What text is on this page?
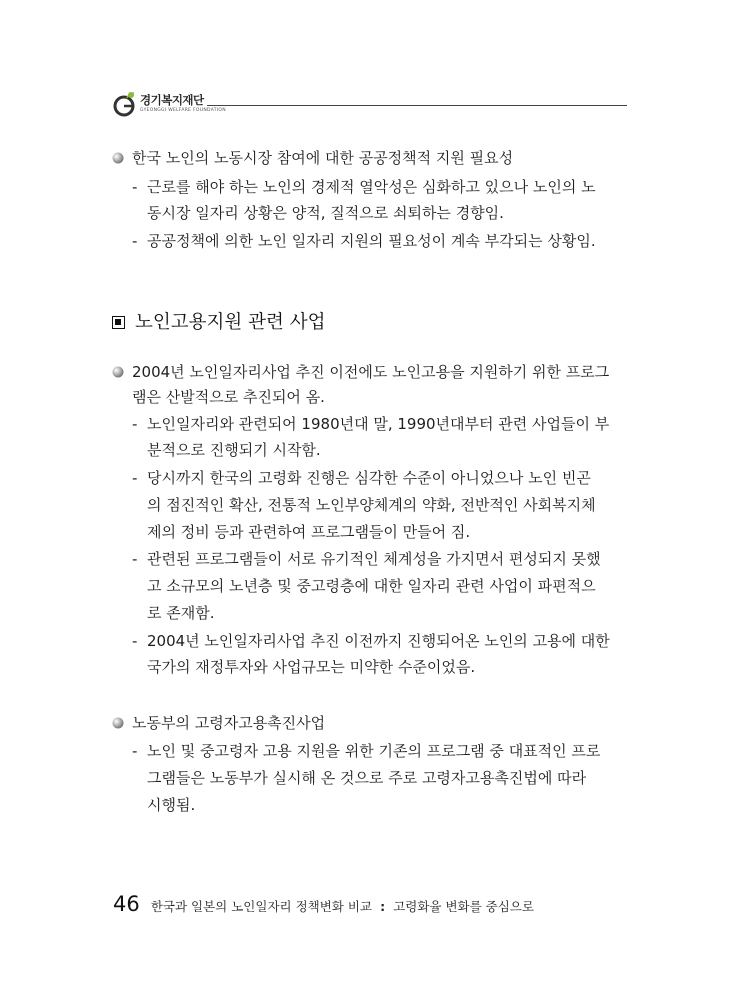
경기복지재단
GYEONGGI WELFARE FOUNDATION
한국 노인의 노동시장 참여에 대한 공공정책적 지원 필요성
- 근로를 해야 하는 노인의 경제적 열악성은 심화하고 있으나 노인의 노
동시장 일자리 상황은 양적, 질적으로 쇠퇴하는 경향임.
- 공공정책에 의한 노인 일자리 지원의 필요성이 계속 부각되는 상황임.
노인고용지원 관련 사업
2004년 노인일자리사업 추진 이전에도 노인고용을 지원하기 위한 프로그
램은 산발적으로 추진되어 옴.
- 노인일자리와 관련되어 1980년대 말, 1990년대부터 관련 사업들이 부
분적으로 진행되기 시작함.
- 당시까지 한국의 고령화 진행은 심각한 수준이 아니었으나 노인 빈곤
의 점진적인 확산, 전통적 노인부양체계의 약화, 전반적인 사회복지체
제의 정비 등과 관련하여 프로그램들이 만들어 짐.
- 관련된 프로그램들이 서로 유기적인 체계성을 가지면서 편성되지 못했
고 소규모의 노년층 및 중고령층에 대한 일자리 관련 사업이 파편적으
로 존재함.
- 2004년 노인일자리사업 추진 이전까지 진행되어온 노인의 고용에 대한
국가의 재정투자와 사업규모는 미약한 수준이었음.
노동부의 고령자고용촉진사업
- 노인 및 중고령자 고용 지원을 위한 기존의 프로그램 중 대표적인 프로
그램들은 노동부가 실시해 온 것으로 주로 고령자고용촉진법에 따라
시행됨.
46 한국과 일본의 노인일자리 정책변화 비교 : 고령화율 변화를 중심으로
